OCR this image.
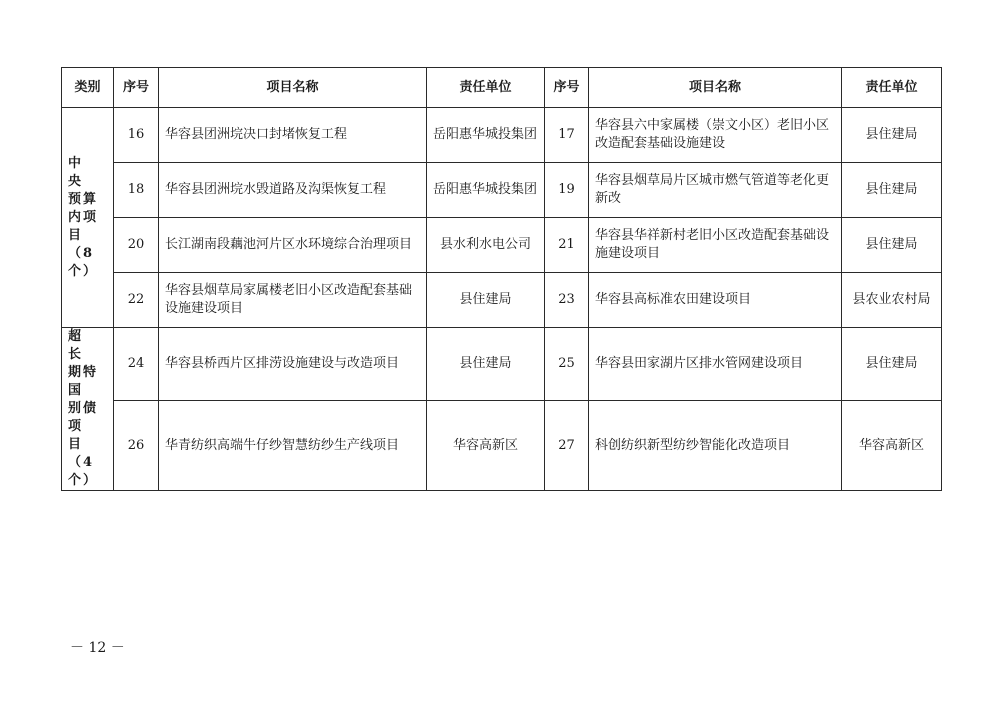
类别	序号	项目名称	责任单位	序号	项目名称	责任单位
中　央
预算内项
目（8
个）	16	华容县团洲垸决口封堵恢复工程	岳阳惠华城投集团	17	华容县六中家属楼（崇文小区）老旧小区改造配套基础设施建设	县住建局
	18	华容县团洲垸水毁道路及沟渠恢复工程	岳阳惠华城投集团	19	华容县烟草局片区城市燃气管道等老化更新改	县住建局
	20	长江湖南段藕池河片区水环境综合治理项目	县水利水电公司	21	华容县华祥新村老旧小区改造配套基础设施建设项目	县住建局
	22	华容县烟草局家属楼老旧小区改造配套基础设施建设项目	县住建局	23	华容县高标准农田建设项目	县农业农村局
超　长
期特国
别债项
目（4
个）	24	华容县桥西片区排涝设施建设与改造项目	县住建局	25	华容县田家湖片区排水管网建设项目	县住建局
	26	华青纺织高端牛仔纱智慧纺纱生产线项目	华容高新区	27	科创纺织新型纺纱智能化改造项目	华容高新区
－ 12 －
